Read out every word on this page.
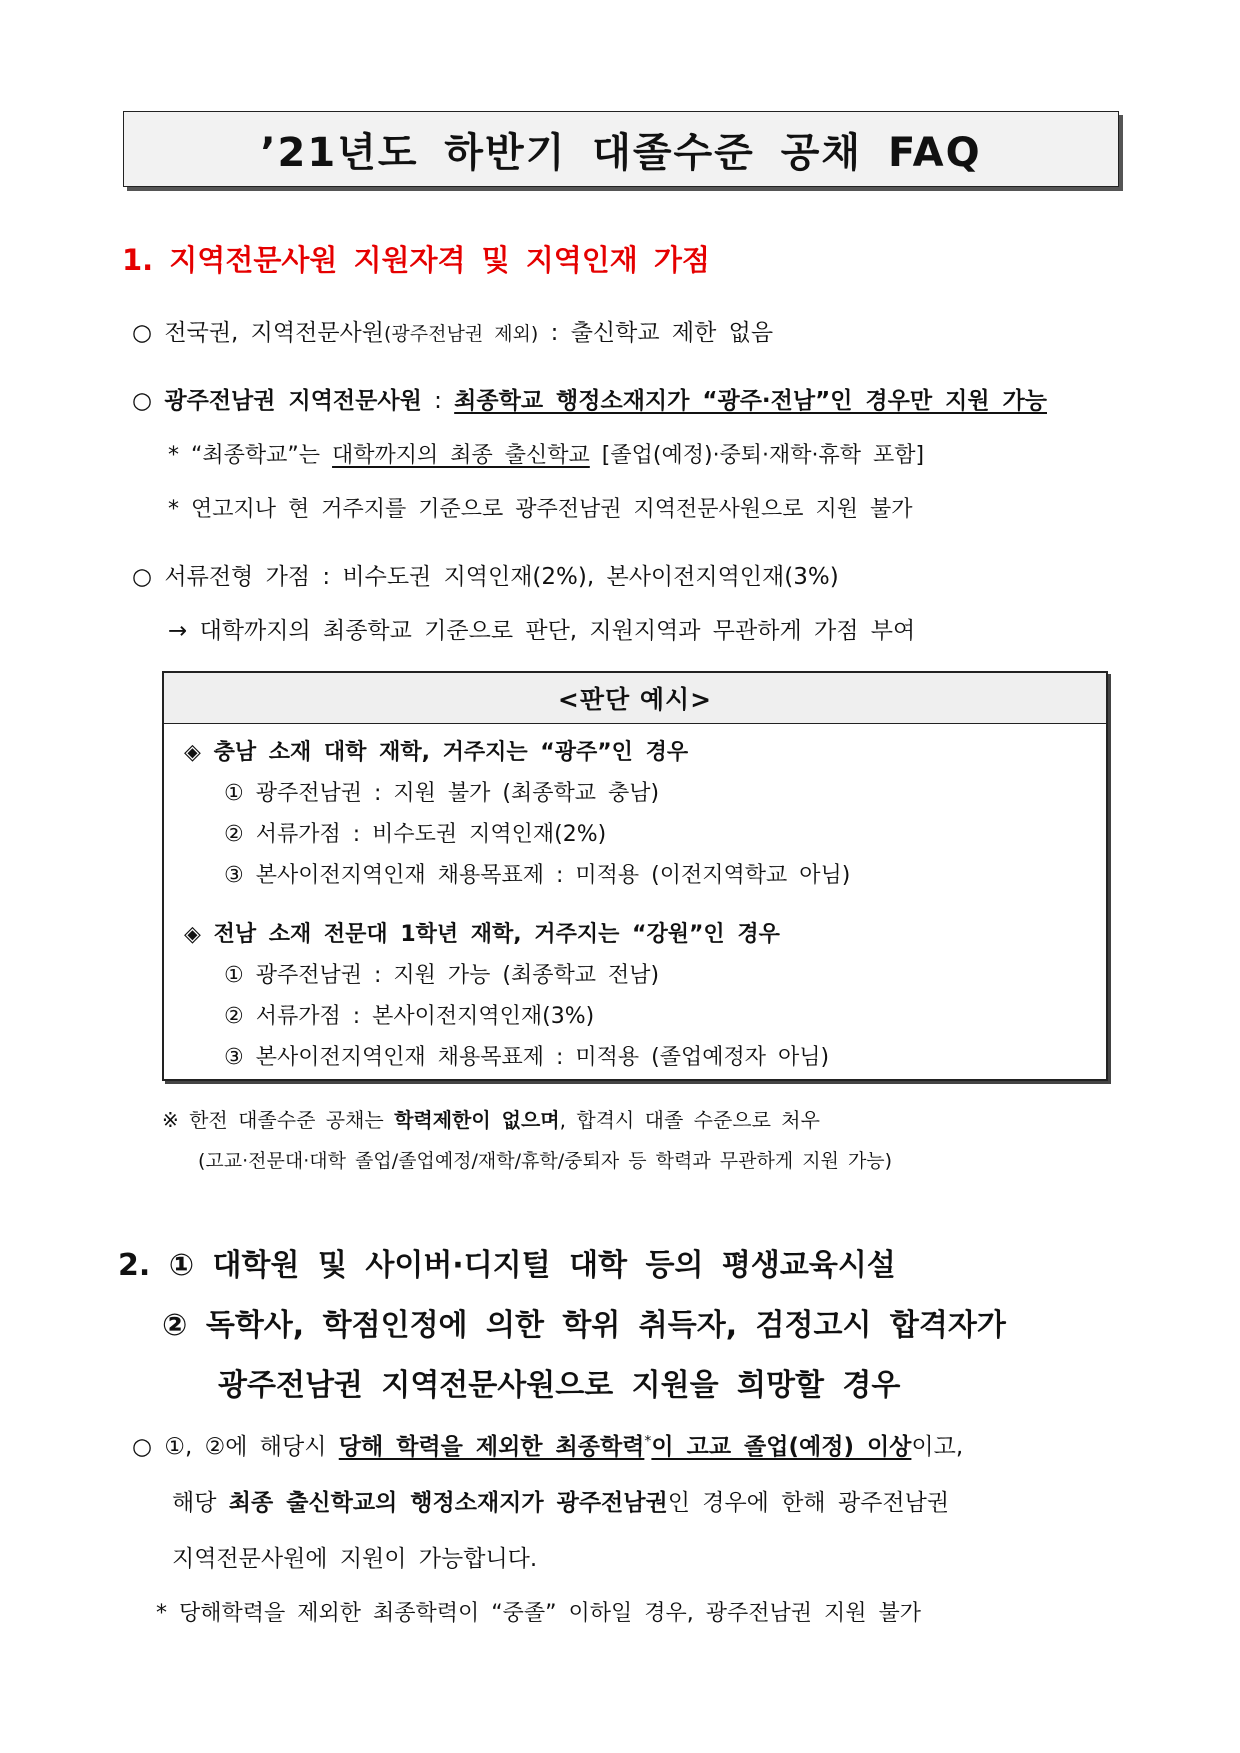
’21년도 하반기 대졸수준 공채 FAQ
1. 지역전문사원 지원자격 및 지역인재 가점
○ 전국권, 지역전문사원(광주전남권 제외) : 출신학교 제한 없음
○ 광주전남권 지역전문사원 : 최종학교 행정소재지가 “광주·전남”인 경우만 지원 가능
* “최종학교”는 대학까지의 최종 출신학교 [졸업(예정)·중퇴·재학·휴학 포함]
* 연고지나 현 거주지를 기준으로 광주전남권 지역전문사원으로 지원 불가
○ 서류전형 가점 : 비수도권 지역인재(2%), 본사이전지역인재(3%)
→ 대학까지의 최종학교 기준으로 판단, 지원지역과 무관하게 가점 부여
<판단 예시>
◈ 충남 소재 대학 재학, 거주지는 “광주”인 경우
① 광주전남권 : 지원 불가 (최종학교 충남)
② 서류가점 : 비수도권 지역인재(2%)
③ 본사이전지역인재 채용목표제 : 미적용 (이전지역학교 아님)
◈ 전남 소재 전문대 1학년 재학, 거주지는 “강원”인 경우
① 광주전남권 : 지원 가능 (최종학교 전남)
② 서류가점 : 본사이전지역인재(3%)
③ 본사이전지역인재 채용목표제 : 미적용 (졸업예정자 아님)
※ 한전 대졸수준 공채는 학력제한이 없으며, 합격시 대졸 수준으로 처우
(고교·전문대·대학 졸업/졸업예정/재학/휴학/중퇴자 등 학력과 무관하게 지원 가능)
2. ① 대학원 및 사이버·디지털 대학 등의 평생교육시설
② 독학사, 학점인정에 의한 학위 취득자, 검정고시 합격자가
광주전남권 지역전문사원으로 지원을 희망할 경우
○ ①, ②에 해당시 당해 학력을 제외한 최종학력*이 고교 졸업(예정) 이상이고,
해당 최종 출신학교의 행정소재지가 광주전남권인 경우에 한해 광주전남권
지역전문사원에 지원이 가능합니다.
* 당해학력을 제외한 최종학력이 “중졸” 이하일 경우, 광주전남권 지원 불가
